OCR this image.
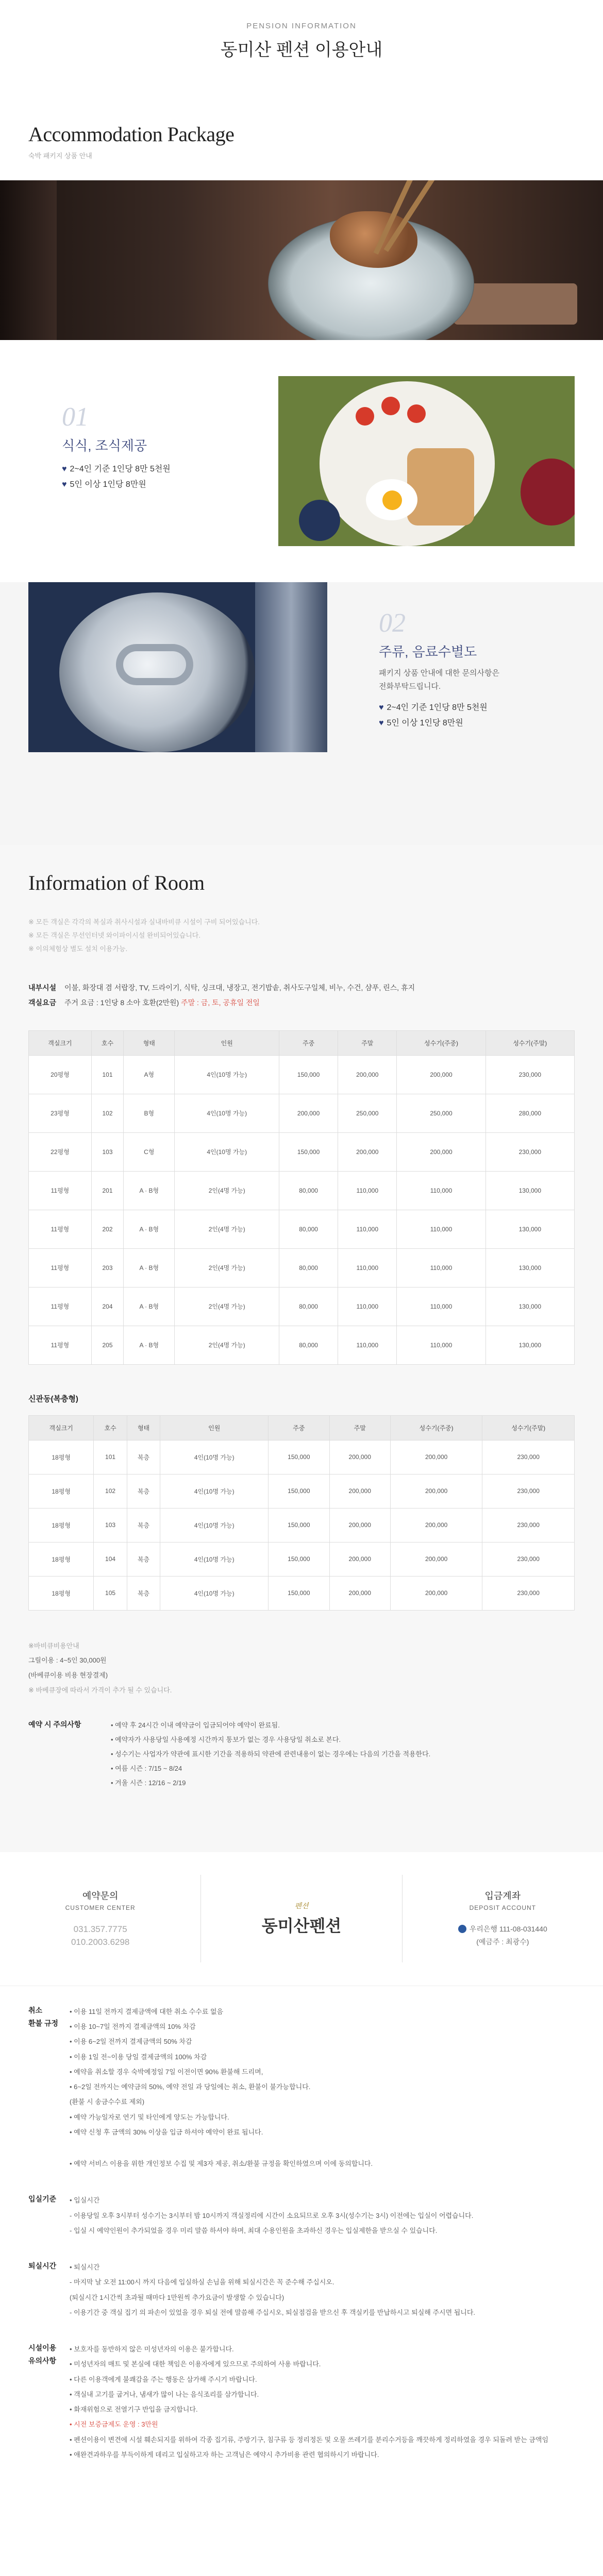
PENSION INFORMATION

동미산 펜션 이용안내
Accommodation Package

숙박 패키지 상품 안내

01
식식, 조식제공
♥ 2~4인 기준 1인당 8만 5천원
♥ 5인 이상 1인당 8만원
02
주류, 음료수별도
패키지 상품 안내에 대한 문의사항은
전화부탁드립니다.
♥ 2~4인 기준 1인당 8만 5천원
♥ 5인 이상 1인당 8만원
Information of Room

※ 모든 객실은 각각의 복실과 취사시설과 실내바비큐 시설이 구비 되어있습니다.

※ 모든 객실은 무선인터넷 와이파이시설 완비되어있습니다.

※ 이의체험상 별도 설치 이용가능.

내부시설	이불, 화장대 겸 서랍장, TV, 드라이기, 식탁, 싱크대, 냉장고, 전기밥솥, 취사도구일체, 비누, 수건, 샴푸, 린스, 휴지
객실요금	주거 요금 : 1인당 8 소아 호환(2만원) 주말 : 금, 토, 공휴일 전일
객실크기	호수	형태	인원	주중	주말	성수기(주중)	성수기(주말)
20평형	101	A형	4인(10명 가능)	150,000	200,000	200,000	230,000
23평형	102	B형	4인(10명 가능)	200,000	250,000	250,000	280,000
22평형	103	C형	4인(10명 가능)	150,000	200,000	200,000	230,000
11평형	201	A · B형	2인(4명 가능)	80,000	110,000	110,000	130,000
11평형	202	A · B형	2인(4명 가능)	80,000	110,000	110,000	130,000
11평형	203	A · B형	2인(4명 가능)	80,000	110,000	110,000	130,000
11평형	204	A · B형	2인(4명 가능)	80,000	110,000	110,000	130,000
11평형	205	A · B형	2인(4명 가능)	80,000	110,000	110,000	130,000
신관동(복층형)
객실크기	호수	형태	인원	주중	주말	성수기(주중)	성수기(주말)
18평형	101	복층	4인(10명 가능)	150,000	200,000	200,000	230,000
18평형	102	복층	4인(10명 가능)	150,000	200,000	200,000	230,000
18평형	103	복층	4인(10명 가능)	150,000	200,000	200,000	230,000
18평형	104	복층	4인(10명 가능)	150,000	200,000	200,000	230,000
18평형	105	복층	4인(10명 가능)	150,000	200,000	200,000	230,000

※바비큐비용안내

그릴이용 : 4~5인 30,000원

(바베큐이용 비용 현장결제)

※ 바베큐장에 따라서 가격이 추가 될 수 있습니다.

예약 시 주의사항	• 예약 후 24시간 이내 예약금이 입금되어야 예약이 완료됨.
• 예약자가 사용당일 사용예정 시간까지 통보가 없는 경우 사용당일 취소로 본다.
• 성수기는 사업자가 약관에 표시한 기간을 적용하되 약관에 관련내용이 없는 경우에는 다음의 기간을 적용한다.
• 여름 시즌 : 7/15 ~ 8/24
• 겨울 시즌 : 12/16 ~ 2/19
예약문의
CUSTOMER CENTER
031.357.7775
010.2003.6298
펜션
동미산펜션
입금계좌
DEPOSIT ACCOUNT
우리은행 111-08-031440
(예금주 : 최광수)
취소
환불 규정
• 이용 11일 전까지 결제금액에 대한 취소 수수료 없음
• 이용 10~7일 전까지 결제금액의 10% 차감
• 이용 6~2일 전까지 결제금액의 50% 차감
• 이용 1일 전~이용 당일 결제금액의 100% 차감
• 예약을 취소할 경우 숙박예정일 7일 이전이면 90% 환불해 드리며,
• 6~2일 전까지는 예약금의 50%, 예약 전일 과 당일에는 취소, 환불이 불가능합니다.
(환불 시 송금수수료 제외)
• 예약 가능일자로 연기 및 타인에게 양도는 가능합니다.
• 예약 신청 후 금액의 30% 이상을 입금 하셔야 예약이 완료 됩니다.
• 예약 서비스 이용을 위한 개인정보 수집 및 제3자 제공, 취소/환불 규정을 확인하였으며 이에 동의합니다.
입실기준	• 입실시간
- 이용당일 오후 3시부터 성수기는 3시부터 밤 10시까지 객실정리에 시간이 소요되므로 오후 3시(성수기는 3시) 이전에는 입실이 어렵습니다.
- 입실 시 예약인원이 추가되었을 경우 미리 말씀 하셔야 하며, 최대 수용인원을 초과하신 경우는 입실제한을 받으실 수 있습니다.
퇴실시간	• 퇴실시간
- 마지막 날 오전 11:00시 까지 다음에 입실하실 손님을 위해 퇴실시간은 꼭 준수해 주십시오.
(퇴실시간 1시간씩 초과될 때마다 1만원씩 추가요금이 발생할 수 있습니다)
- 이용기간 중 객실 집기 의 파손이 있었을 경우 퇴실 전에 말씀해 주십시오, 퇴실점검을 받으신 후 객실키를 반납하시고 퇴실해 주시면 됩니다.
시설이용
유의사항
• 보호자를 동반하지 않은 미성년자의 이용은 불가합니다.
• 미성년자의 매트 및 본실에 대한 책임은 이용자에게 있으므로 주의하여 사용 바랍니다.
• 다른 이용객에게 불쾌감을 주는 행동은 삼가해 주시기 바랍니다.
• 객실내 고기를 굽거나, 냄새가 많이 나는 음식조리를 삼가합니다.
• 화재위험으로 전열기구 반입을 금지합니다.
• 시전 보증금제도 운영 : 3만원
• 펜션이용이 변견에 시설 훼손되지를 위하여 각종 집기류, 주방기구, 침구류 등 정리정돈 및 오물 쓰레기를 분리수거등을 깨끗하게 정리하였을 경우 되돌려 받는 금액임
• 애완견과하우를 부득이하게 데리고 입실하고자 하는 고객님은 예약시 추가비용 관련 협의하시기 바랍니다.
